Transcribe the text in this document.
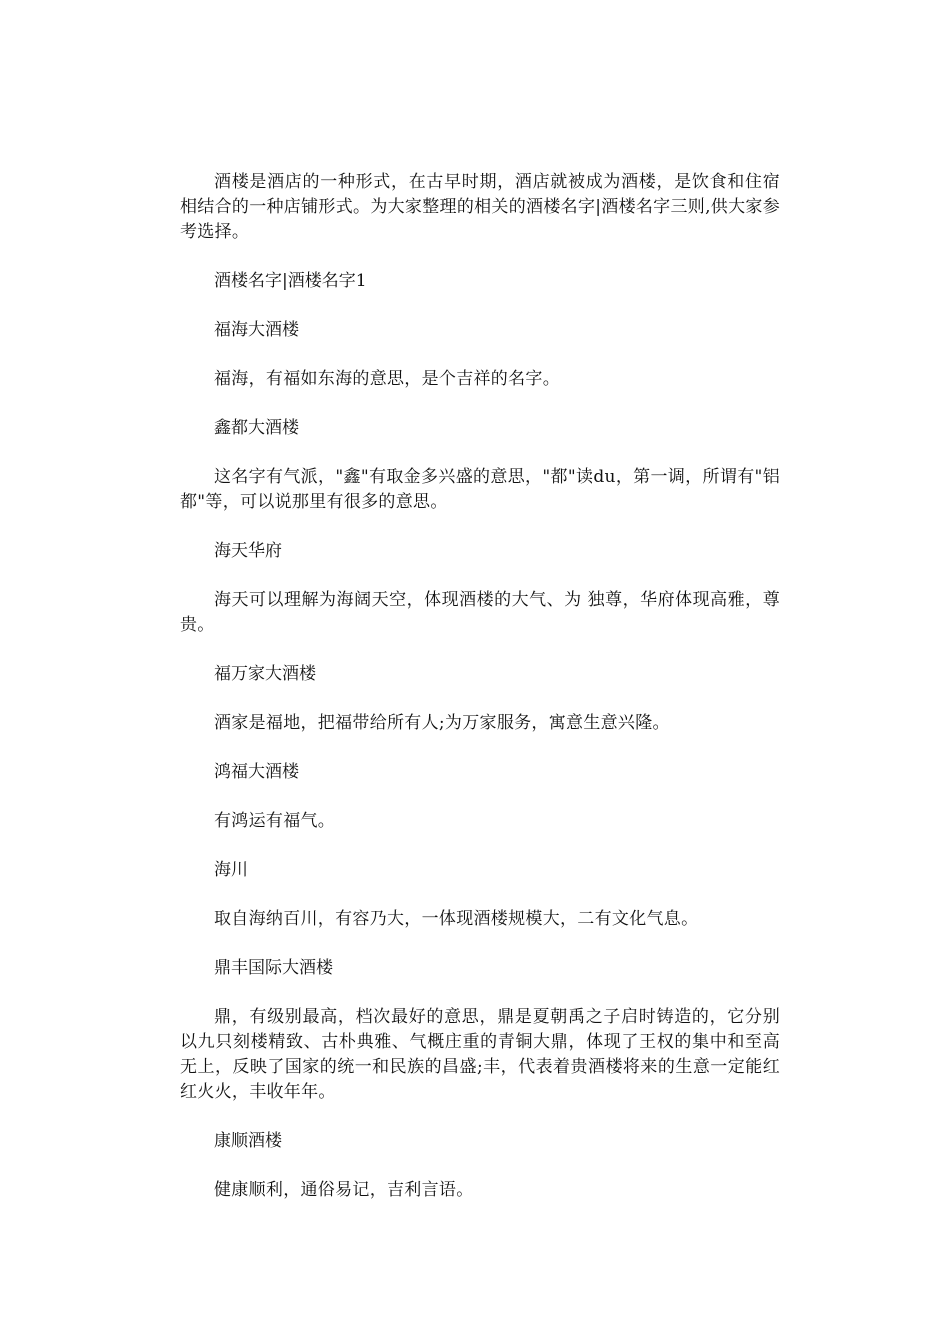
酒楼是酒店的一种形式，在古早时期，酒店就被成为酒楼，是饮食和住宿相结合的一种店铺形式。为大家整理的相关的酒楼名字|酒楼名字三则,供大家参考选择。

酒楼名字|酒楼名字1

福海大酒楼

福海，有福如东海的意思，是个吉祥的名字。

鑫都大酒楼

这名字有气派，"鑫"有取金多兴盛的意思，"都"读du，第一调，所谓有"铝都"等，可以说那里有很多的意思。

海天华府

海天可以理解为海阔天空，体现酒楼的大气、为 独尊，华府体现高雅，尊贵。

福万家大酒楼

酒家是福地，把福带给所有人;为万家服务，寓意生意兴隆。

鸿福大酒楼

有鸿运有福气。

海川

取自海纳百川，有容乃大，一体现酒楼规模大，二有文化气息。

鼎丰国际大酒楼

鼎，有级别最高，档次最好的意思，鼎是夏朝禹之子启时铸造的，它分别以九只刻楼精致、古朴典雅、气概庄重的青铜大鼎，体现了王权的集中和至高无上，反映了国家的统一和民族的昌盛;丰，代表着贵酒楼将来的生意一定能红红火火，丰收年年。

康顺酒楼

健康顺利，通俗易记，吉利言语。
